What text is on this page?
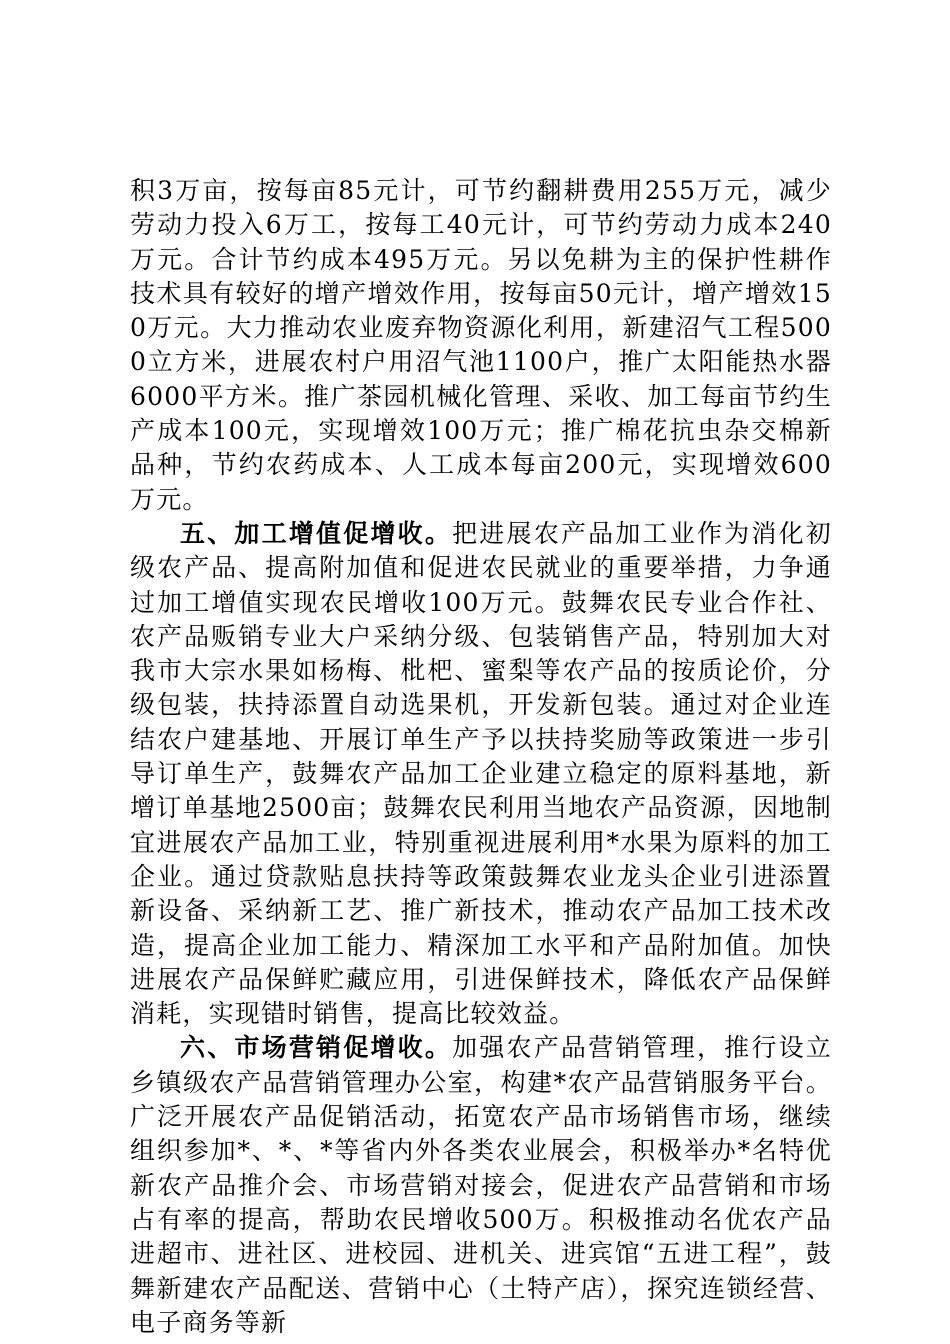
积3万亩，按每亩85元计，可节约翻耕费用255万元，减少劳动力投入6万工，按每工40元计，可节约劳动力成本240万元。合计节约成本495万元。另以免耕为主的保护性耕作技术具有较好的增产增效作用，按每亩50元计，增产增效150万元。大力推动农业废弃物资源化利用，新建沼气工程5000立方米，进展农村户用沼气池1100户，推广太阳能热水器6000平方米。推广茶园机械化管理、采收、加工每亩节约生产成本100元，实现增效100万元；推广棉花抗虫杂交棉新品种，节约农药成本、人工成本每亩200元，实现增效600万元。

五、加工增值促增收。把进展农产品加工业作为消化初级农产品、提高附加值和促进农民就业的重要举措，力争通过加工增值实现农民增收100万元。鼓舞农民专业合作社、农产品贩销专业大户采纳分级、包装销售产品，特别加大对我市大宗水果如杨梅、枇杷、蜜梨等农产品的按质论价，分级包装，扶持添置自动选果机，开发新包装。通过对企业连结农户建基地、开展订单生产予以扶持奖励等政策进一步引导订单生产，鼓舞农产品加工企业建立稳定的原料基地，新增订单基地2500亩；鼓舞农民利用当地农产品资源，因地制宜进展农产品加工业，特别重视进展利用*水果为原料的加工企业。通过贷款贴息扶持等政策鼓舞农业龙头企业引进添置新设备、采纳新工艺、推广新技术，推动农产品加工技术改造，提高企业加工能力、精深加工水平和产品附加值。加快进展农产品保鲜贮藏应用，引进保鲜技术，降低农产品保鲜消耗，实现错时销售，提高比较效益。

六、市场营销促增收。加强农产品营销管理，推行设立乡镇级农产品营销管理办公室，构建*农产品营销服务平台。广泛开展农产品促销活动，拓宽农产品市场销售市场，继续组织参加*、*、*等省内外各类农业展会，积极举办*名特优新农产品推介会、市场营销对接会，促进农产品营销和市场占有率的提高，帮助农民增收500万。积极推动名优农产品进超市、进社区、进校园、进机关、进宾馆“五进工程”，鼓舞新建农产品配送、营销中心（土特产店），探究连锁经营、电子商务等新
